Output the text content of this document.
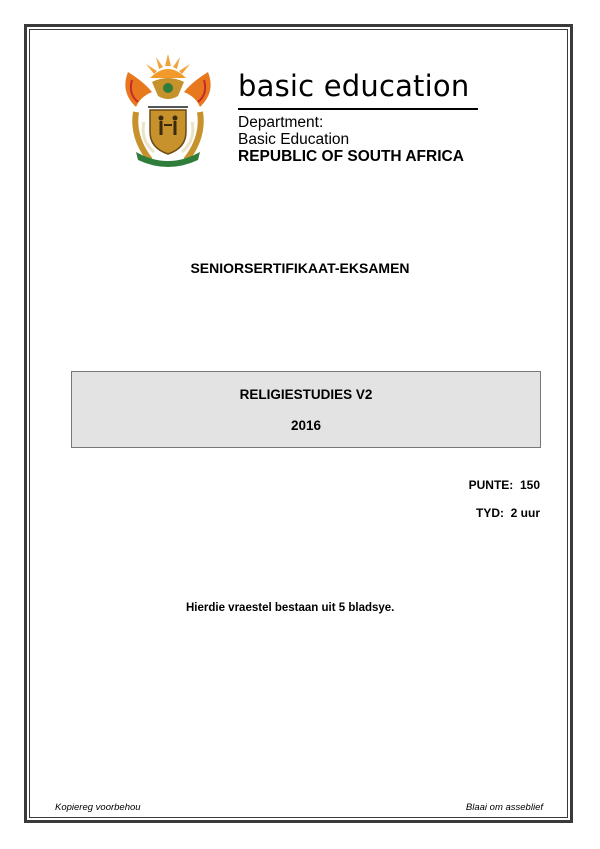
basic education
Department:
Basic Education
REPUBLIC OF SOUTH AFRICA
SENIORSERTIFIKAAT-EKSAMEN
RELIGIESTUDIES V2
2016
PUNTE:  150
TYD:  2 uur
Hierdie vraestel bestaan uit 5 bladsye.
Kopiereg voorbehou	Blaai om asseblief
